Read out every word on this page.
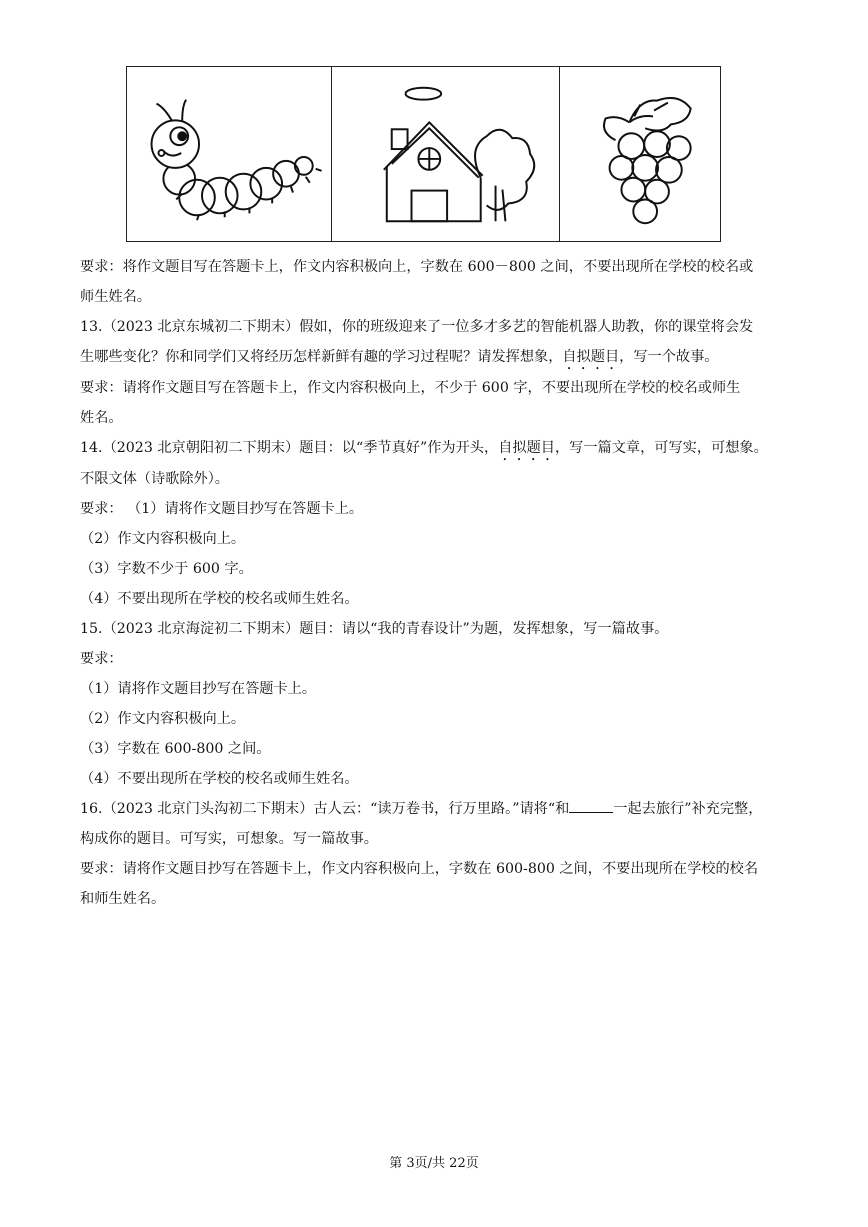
要求：将作文题目写在答题卡上，作文内容积极向上，字数在 600－800 之间，不要出现所在学校的校名或

师生姓名。

13.（2023 北京东城初二下期末）假如，你的班级迎来了一位多才多艺的智能机器人助教，你的课堂将会发

生哪些变化？你和同学们又将经历怎样新鲜有趣的学习过程呢？请发挥想象，自拟题目，写一个故事。

要求：请将作文题目写在答题卡上，作文内容积极向上，不少于 600 字，不要出现所在学校的校名或师生

姓名。

14.（2023 北京朝阳初二下期末）题目：以“季节真好”作为开头，自拟题目，写一篇文章，可写实，可想象。

不限文体（诗歌除外）。

要求： （1）请将作文题目抄写在答题卡上。

（2）作文内容积极向上。

（3）字数不少于 600 字。

（4）不要出现所在学校的校名或师生姓名。

15.（2023 北京海淀初二下期末）题目：请以“我的青春设计”为题，发挥想象，写一篇故事。

要求：

（1）请将作文题目抄写在答题卡上。

（2）作文内容积极向上。

（3）字数在 600-800 之间。

（4）不要出现所在学校的校名或师生姓名。

16.（2023 北京门头沟初二下期末）古人云：“读万卷书，行万里路。”请将“和	一起去旅行”补充完整，

构成你的题目。可写实，可想象。写一篇故事。

要求：请将作文题目抄写在答题卡上，作文内容积极向上，字数在 600-800 之间，不要出现所在学校的校名

和师生姓名。

第 3页/共 22页
